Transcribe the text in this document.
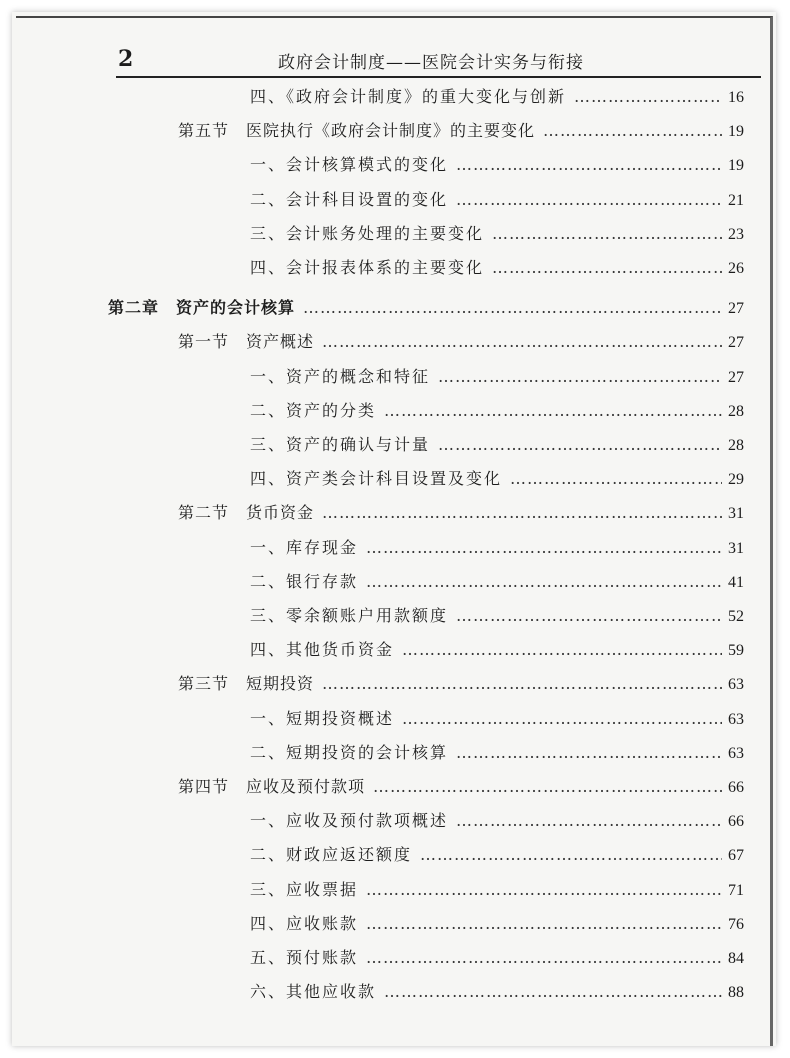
2	政府会计制度——医院会计实务与衔接
四、《政府会计制度》的重大变化与创新 ……………………………………………………………………………………………………………………………………………………………………………………	16
第五节　医院执行《政府会计制度》的主要变化 ……………………………………………………………………………………………………………………………………………………………………………………	19
一、会计核算模式的变化 ……………………………………………………………………………………………………………………………………………………………………………………	19
二、会计科目设置的变化 ……………………………………………………………………………………………………………………………………………………………………………………	21
三、会计账务处理的主要变化 ……………………………………………………………………………………………………………………………………………………………………………………	23
四、会计报表体系的主要变化 ……………………………………………………………………………………………………………………………………………………………………………………	26
第二章　资产的会计核算 ……………………………………………………………………………………………………………………………………………………………………………………	27
第一节　资产概述 ……………………………………………………………………………………………………………………………………………………………………………………	27
一、资产的概念和特征 ……………………………………………………………………………………………………………………………………………………………………………………	27
二、资产的分类 ……………………………………………………………………………………………………………………………………………………………………………………	28
三、资产的确认与计量 ……………………………………………………………………………………………………………………………………………………………………………………	28
四、资产类会计科目设置及变化 ……………………………………………………………………………………………………………………………………………………………………………………	29
第二节　货币资金 ……………………………………………………………………………………………………………………………………………………………………………………	31
一、库存现金 ……………………………………………………………………………………………………………………………………………………………………………………	31
二、银行存款 ……………………………………………………………………………………………………………………………………………………………………………………	41
三、零余额账户用款额度 ……………………………………………………………………………………………………………………………………………………………………………………	52
四、其他货币资金 ……………………………………………………………………………………………………………………………………………………………………………………	59
第三节　短期投资 ……………………………………………………………………………………………………………………………………………………………………………………	63
一、短期投资概述 ……………………………………………………………………………………………………………………………………………………………………………………	63
二、短期投资的会计核算 ……………………………………………………………………………………………………………………………………………………………………………………	63
第四节　应收及预付款项 ……………………………………………………………………………………………………………………………………………………………………………………	66
一、应收及预付款项概述 ……………………………………………………………………………………………………………………………………………………………………………………	66
二、财政应返还额度 ……………………………………………………………………………………………………………………………………………………………………………………	67
三、应收票据 ……………………………………………………………………………………………………………………………………………………………………………………	71
四、应收账款 ……………………………………………………………………………………………………………………………………………………………………………………	76
五、预付账款 ……………………………………………………………………………………………………………………………………………………………………………………	84
六、其他应收款 ……………………………………………………………………………………………………………………………………………………………………………………	88
